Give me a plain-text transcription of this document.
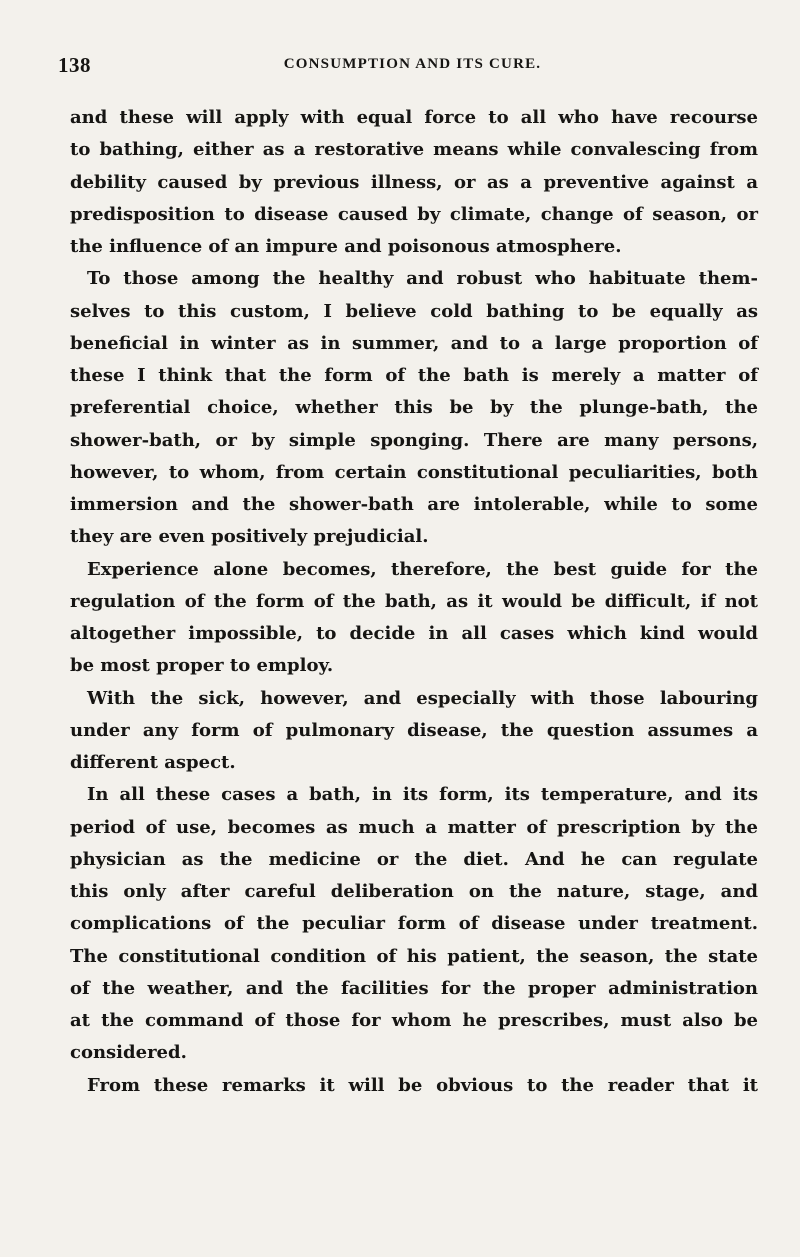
138	CONSUMPTION AND ITS CURE.
and these will apply with equal force to all who have recourse
to bathing, either as a restorative means while convalescing from
debility caused by previous illness, or as a preventive against a
predisposition to disease caused by climate, change of season, or
the influence of an impure and poisonous atmosphere.
To those among the healthy and robust who habituate them-
selves to this custom, I believe cold bathing to be equally as
beneficial in winter as in summer, and to a large proportion of
these I think that the form of the bath is merely a matter of
preferential choice, whether this be by the plunge-bath, the
shower-bath, or by simple sponging. There are many persons,
however, to whom, from certain constitutional peculiarities, both
immersion and the shower-bath are intolerable, while to some
they are even positively prejudicial.
Experience alone becomes, therefore, the best guide for the
regulation of the form of the bath, as it would be difficult, if not
altogether impossible, to decide in all cases which kind would
be most proper to employ.
With the sick, however, and especially with those labouring
under any form of pulmonary disease, the question assumes a
different aspect.
In all these cases a bath, in its form, its temperature, and its
period of use, becomes as much a matter of prescription by the
physician as the medicine or the diet. And he can regulate
this only after careful deliberation on the nature, stage, and
complications of the peculiar form of disease under treatment.
The constitutional condition of his patient, the season, the state
of the weather, and the facilities for the proper administration
at the command of those for whom he prescribes, must also be
considered.
From these remarks it will be obvious to the reader that it
